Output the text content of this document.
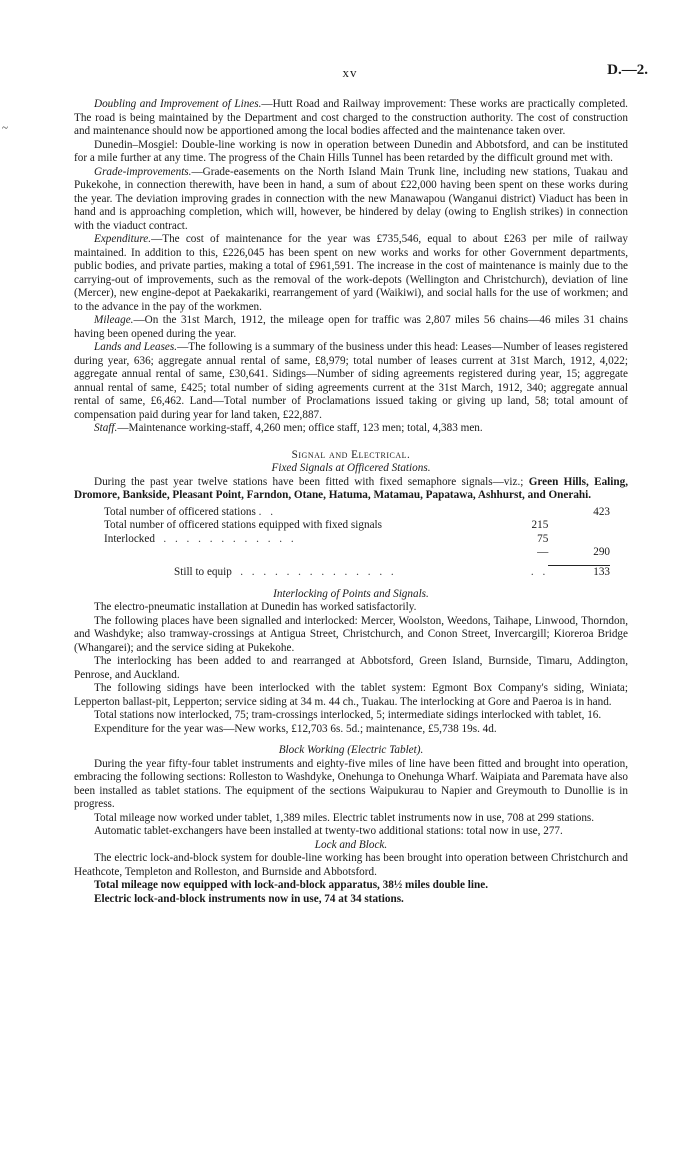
xv	D.—2.
~

Doubling and Improvement of Lines.—Hutt Road and Railway improvement: These works are practically completed. The road is being maintained by the Department and cost charged to the construction authority. The cost of construction and maintenance should now be apportioned among the local bodies affected and the maintenance taken over.

Dunedin–Mosgiel: Double-line working is now in operation between Dunedin and Abbotsford, and can be instituted for a mile further at any time. The progress of the Chain Hills Tunnel has been retarded by the difficult ground met with.

Grade-improvements.—Grade-easements on the North Island Main Trunk line, including new stations, Tuakau and Pukekohe, in connection therewith, have been in hand, a sum of about £22,000 having been spent on these works during the year. The deviation improving grades in connection with the new Manawapou (Wanganui district) Viaduct has been in hand and is approaching completion, which will, however, be hindered by delay (owing to English strikes) in connection with the viaduct contract.

Expenditure.—The cost of maintenance for the year was £735,546, equal to about £263 per mile of railway maintained. In addition to this, £226,045 has been spent on new works and works for other Government departments, public bodies, and private parties, making a total of £961,591. The increase in the cost of maintenance is mainly due to the carrying-out of improvements, such as the removal of the work-depots (Wellington and Christchurch), deviation of line (Mercer), new engine-depot at Paekakariki, rearrangement of yard (Waikiwi), and social halls for the use of workmen; and to the advance in the pay of the workmen.

Mileage.—On the 31st March, 1912, the mileage open for traffic was 2,807 miles 56 chains—46 miles 31 chains having been opened during the year.

Lands and Leases.—The following is a summary of the business under this head: Leases—Number of leases registered during year, 636; aggregate annual rental of same, £8,979; total number of leases current at 31st March, 1912, 4,022; aggregate annual rental of same, £30,641. Sidings—Number of siding agreements registered during year, 15; aggregate annual rental of same, £425; total number of siding agreements current at the 31st March, 1912, 340; aggregate annual rental of same, £6,462. Land—Total number of Proclamations issued taking or giving up land, 58; total amount of compensation paid during year for land taken, £22,887.

Staff.—Maintenance working-staff, 4,260 men; office staff, 123 men; total, 4,383 men.

Signal and Electrical.
Fixed Signals at Officered Stations.

During the past year twelve stations have been fitted with fixed semaphore signals—viz.; Green Hills, Ealing, Dromore, Bankside, Pleasant Point, Farndon, Otane, Hatuma, Matamau, Papatawa, Ashhurst, and Onerahi.

Total number of officered stations . .		423
Total number of officered stations equipped with fixed signals	215	
Interlocked . . . . . . . . . . . .	75	
	—	290

Still to equip . . . . . . . . . . . . . .	. .	133
Interlocking of Points and Signals.

The electro-pneumatic installation at Dunedin has worked satisfactorily.

The following places have been signalled and interlocked: Mercer, Woolston, Weedons, Taihape, Linwood, Thorndon, and Washdyke; also tramway-crossings at Antigua Street, Christchurch, and Conon Street, Invercargill; Kioreroa Bridge (Whangarei); and the service siding at Pukekohe.

The interlocking has been added to and rearranged at Abbotsford, Green Island, Burnside, Timaru, Addington, Penrose, and Auckland.

The following sidings have been interlocked with the tablet system: Egmont Box Company's siding, Winiata; Lepperton ballast-pit, Lepperton; service siding at 34 m. 44 ch., Tuakau. The interlocking at Gore and Paeroa is in hand.

Total stations now interlocked, 75; tram-crossings interlocked, 5; intermediate sidings interlocked with tablet, 16.

Expenditure for the year was—New works, £12,703 6s. 5d.; maintenance, £5,738 19s. 4d.

Block Working (Electric Tablet).

During the year fifty-four tablet instruments and eighty-five miles of line have been fitted and brought into operation, embracing the following sections: Rolleston to Washdyke, Onehunga to Onehunga Wharf. Waipiata and Paremata have also been installed as tablet stations. The equipment of the sections Waipukurau to Napier and Greymouth to Dunollie is in progress.

Total mileage now worked under tablet, 1,389 miles. Electric tablet instruments now in use, 708 at 299 stations.

Automatic tablet-exchangers have been installed at twenty-two additional stations: total now in use, 277.

Lock and Block.

The electric lock-and-block system for double-line working has been brought into operation between Christchurch and Heathcote, Templeton and Rolleston, and Burnside and Abbotsford.

Total mileage now equipped with lock-and-block apparatus, 38½ miles double line.

Electric lock-and-block instruments now in use, 74 at 34 stations.
